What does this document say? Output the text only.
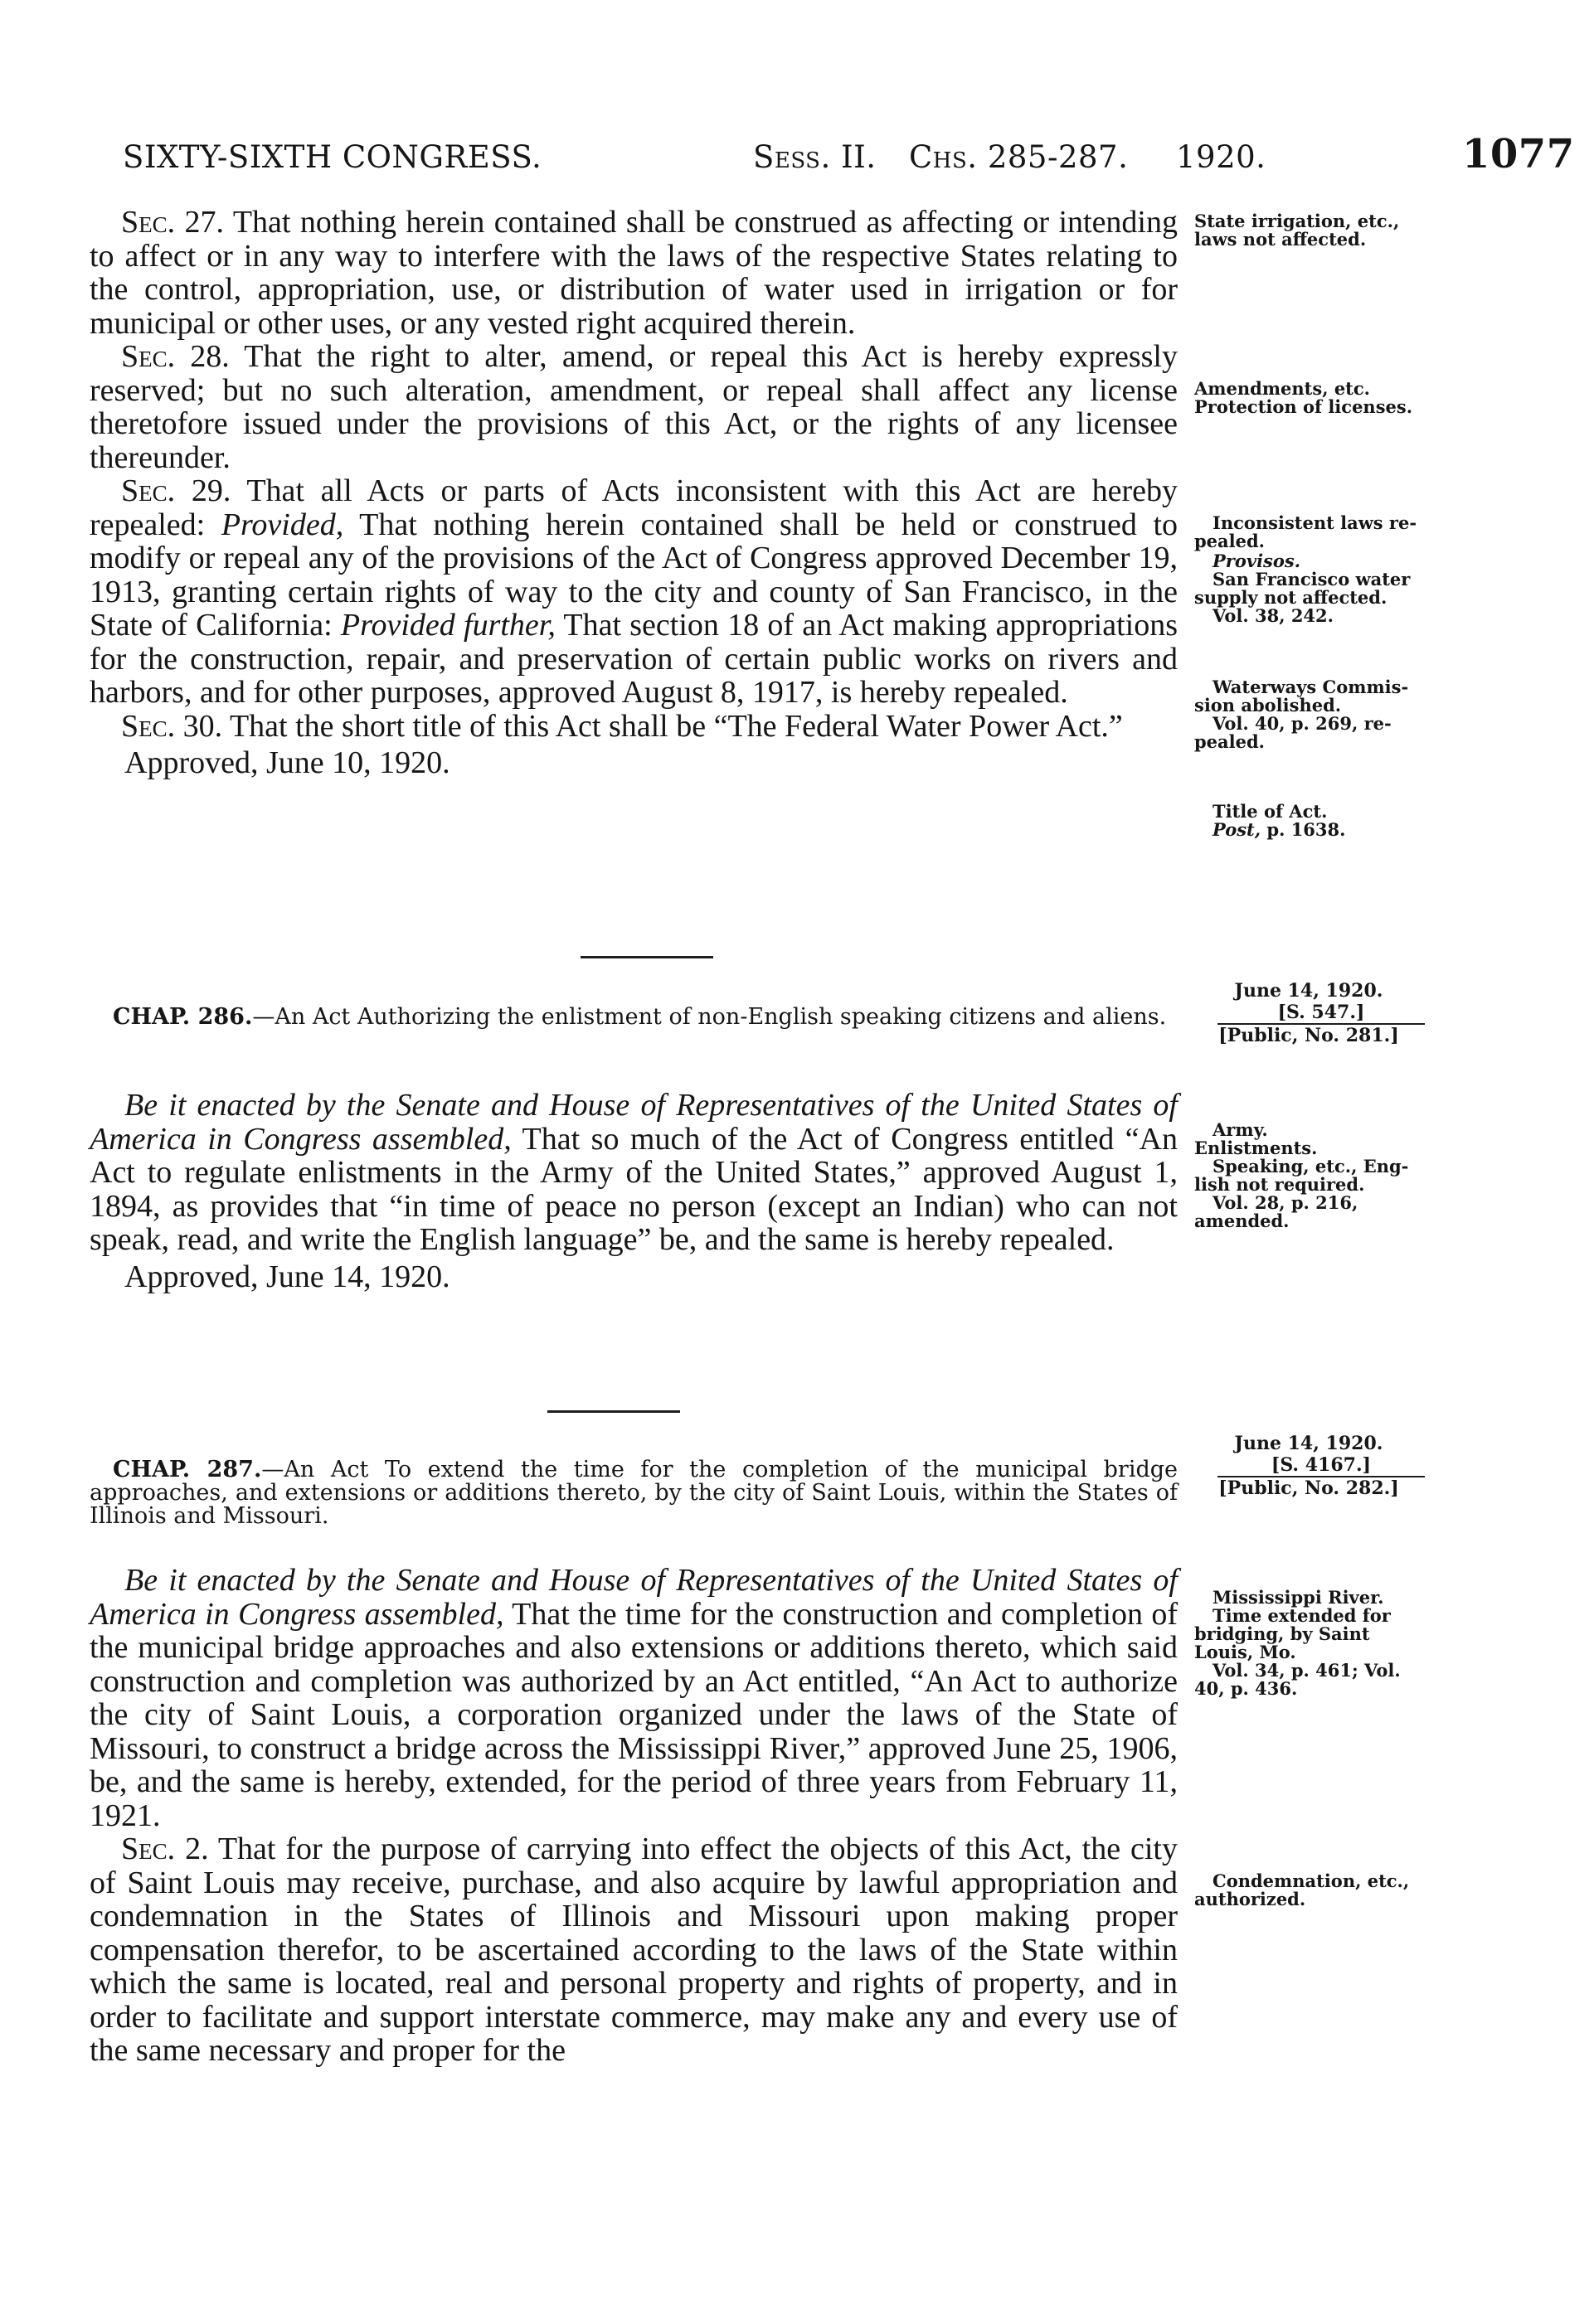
SIXTY-SIXTH CONGRESS.	Sess. II. Chs. 285-287. 1920.	1077

Sec. 27. That nothing herein contained shall be construed as affecting or intending to affect or in any way to interfere with the laws of the respective States relating to the control, appropriation, use, or distribution of water used in irrigation or for municipal or other uses, or any vested right acquired therein.

Sec. 28. That the right to alter, amend, or repeal this Act is hereby expressly reserved; but no such alteration, amendment, or repeal shall affect any license theretofore issued under the provisions of this Act, or the rights of any licensee thereunder.

Sec. 29. That all Acts or parts of Acts inconsistent with this Act are hereby repealed: Provided, That nothing herein contained shall be held or construed to modify or repeal any of the provisions of the Act of Congress approved December 19, 1913, granting certain rights of way to the city and county of San Francisco, in the State of California: Provided further, That section 18 of an Act making appropriations for the construction, repair, and preservation of certain public works on rivers and harbors, and for other purposes, approved August 8, 1917, is hereby repealed.

Sec. 30. That the short title of this Act shall be “The Federal Water Power Act.”

Approved, June 10, 1920.

State irrigation, etc.,
laws not affected.
Amendments, etc.
Protection of licenses.
Inconsistent laws re-
pealed.
Provisos.
San Francisco water
supply not affected.
Vol. 38, 242.
Waterways Commis-
sion abolished.
Vol. 40, p. 269, re-
pealed.
Title of Act.
Post, p. 1638.

CHAP. 286.—An Act Authorizing the enlistment of non-English speaking citizens and aliens.

June 14, 1920.
[S. 547.]
[Public, No. 281.]

Be it enacted by the Senate and House of Representatives of the United States of America in Congress assembled, That so much of the Act of Congress entitled “An Act to regulate enlistments in the Army of the United States,” approved August 1, 1894, as provides that “in time of peace no person (except an Indian) who can not speak, read, and write the English language” be, and the same is hereby repealed.

Approved, June 14, 1920.

Army.
Enlistments.
Speaking, etc., Eng-
lish not required.
Vol. 28, p. 216,
amended.

CHAP. 287.—An Act To extend the time for the completion of the municipal bridge approaches, and extensions or additions thereto, by the city of Saint Louis, within the States of Illinois and Missouri.

June 14, 1920.
[S. 4167.]
[Public, No. 282.]

Be it enacted by the Senate and House of Representatives of the United States of America in Congress assembled, That the time for the construction and completion of the municipal bridge approaches and also extensions or additions thereto, which said construction and completion was authorized by an Act entitled, “An Act to authorize the city of Saint Louis, a corporation organized under the laws of the State of Missouri, to construct a bridge across the Mississippi River,” approved June 25, 1906, be, and the same is hereby, extended, for the period of three years from February 11, 1921.

Sec. 2. That for the purpose of carrying into effect the objects of this Act, the city of Saint Louis may receive, purchase, and also acquire by lawful appropriation and condemnation in the States of Illinois and Missouri upon making proper compensation therefor, to be ascertained according to the laws of the State within which the same is located, real and personal property and rights of property, and in order to facilitate and support interstate commerce, may make any and every use of the same necessary and proper for the

Mississippi River.
Time extended for
bridging, by Saint
Louis, Mo.
Vol. 34, p. 461; Vol.
40, p. 436.
Condemnation, etc.,
authorized.
